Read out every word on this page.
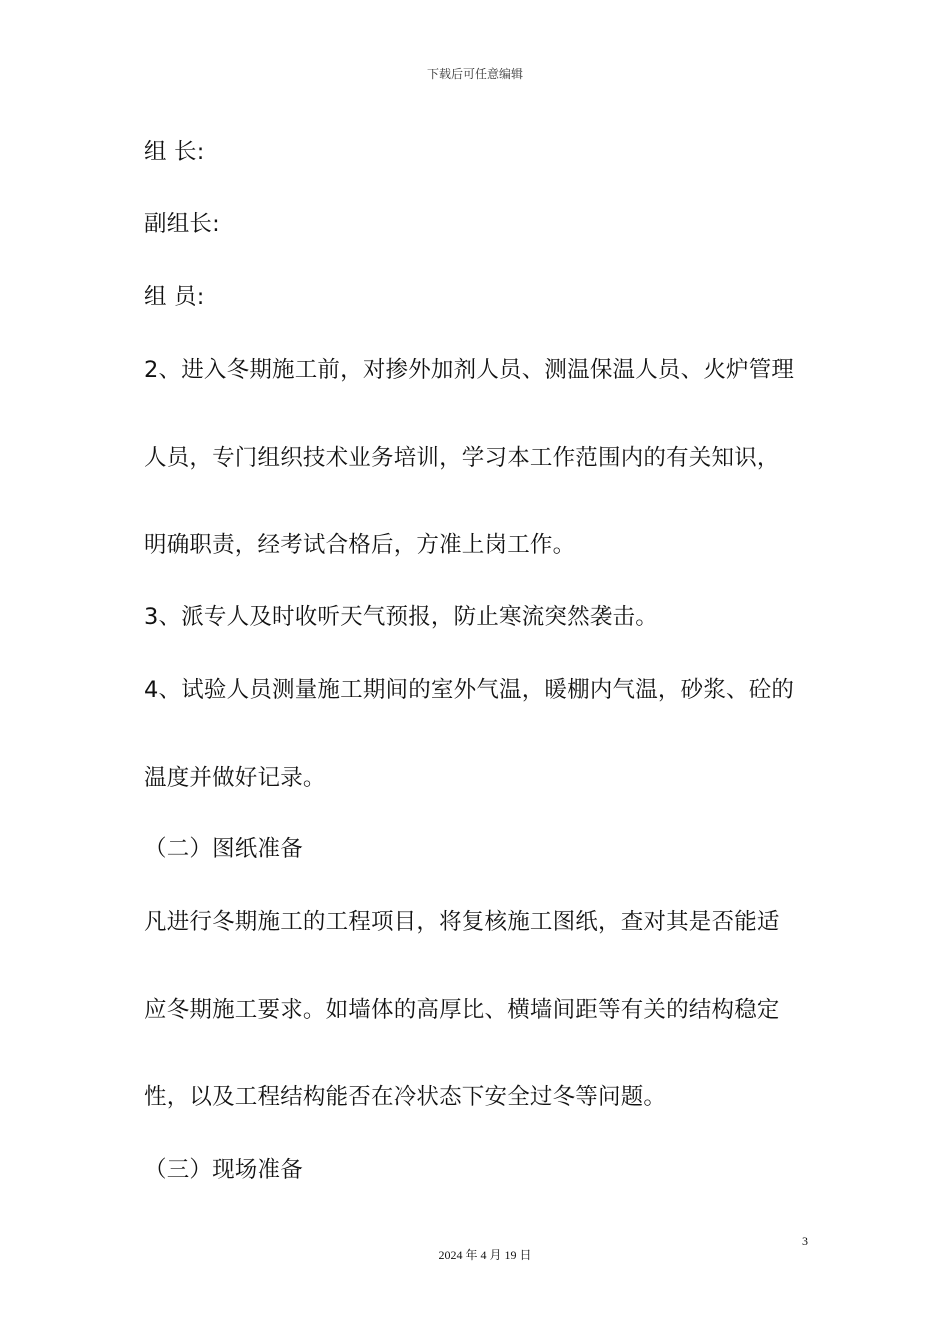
下载后可任意编辑
组 长:
副组长:
组 员:
2、进入冬期施工前，对掺外加剂人员、测温保温人员、火炉管理
人员，专门组织技术业务培训，学习本工作范围内的有关知识，
明确职责，经考试合格后，方准上岗工作。
3、派专人及时收听天气预报，防止寒流突然袭击。
4、试验人员测量施工期间的室外气温，暖棚内气温，砂浆、砼的
温度并做好记录。
（二）图纸准备
凡进行冬期施工的工程项目，将复核施工图纸，查对其是否能适
应冬期施工要求。如墙体的高厚比、横墙间距等有关的结构稳定
性，以及工程结构能否在冷状态下安全过冬等问题。
（三）现场准备
3
2024 年 4 月 19 日
